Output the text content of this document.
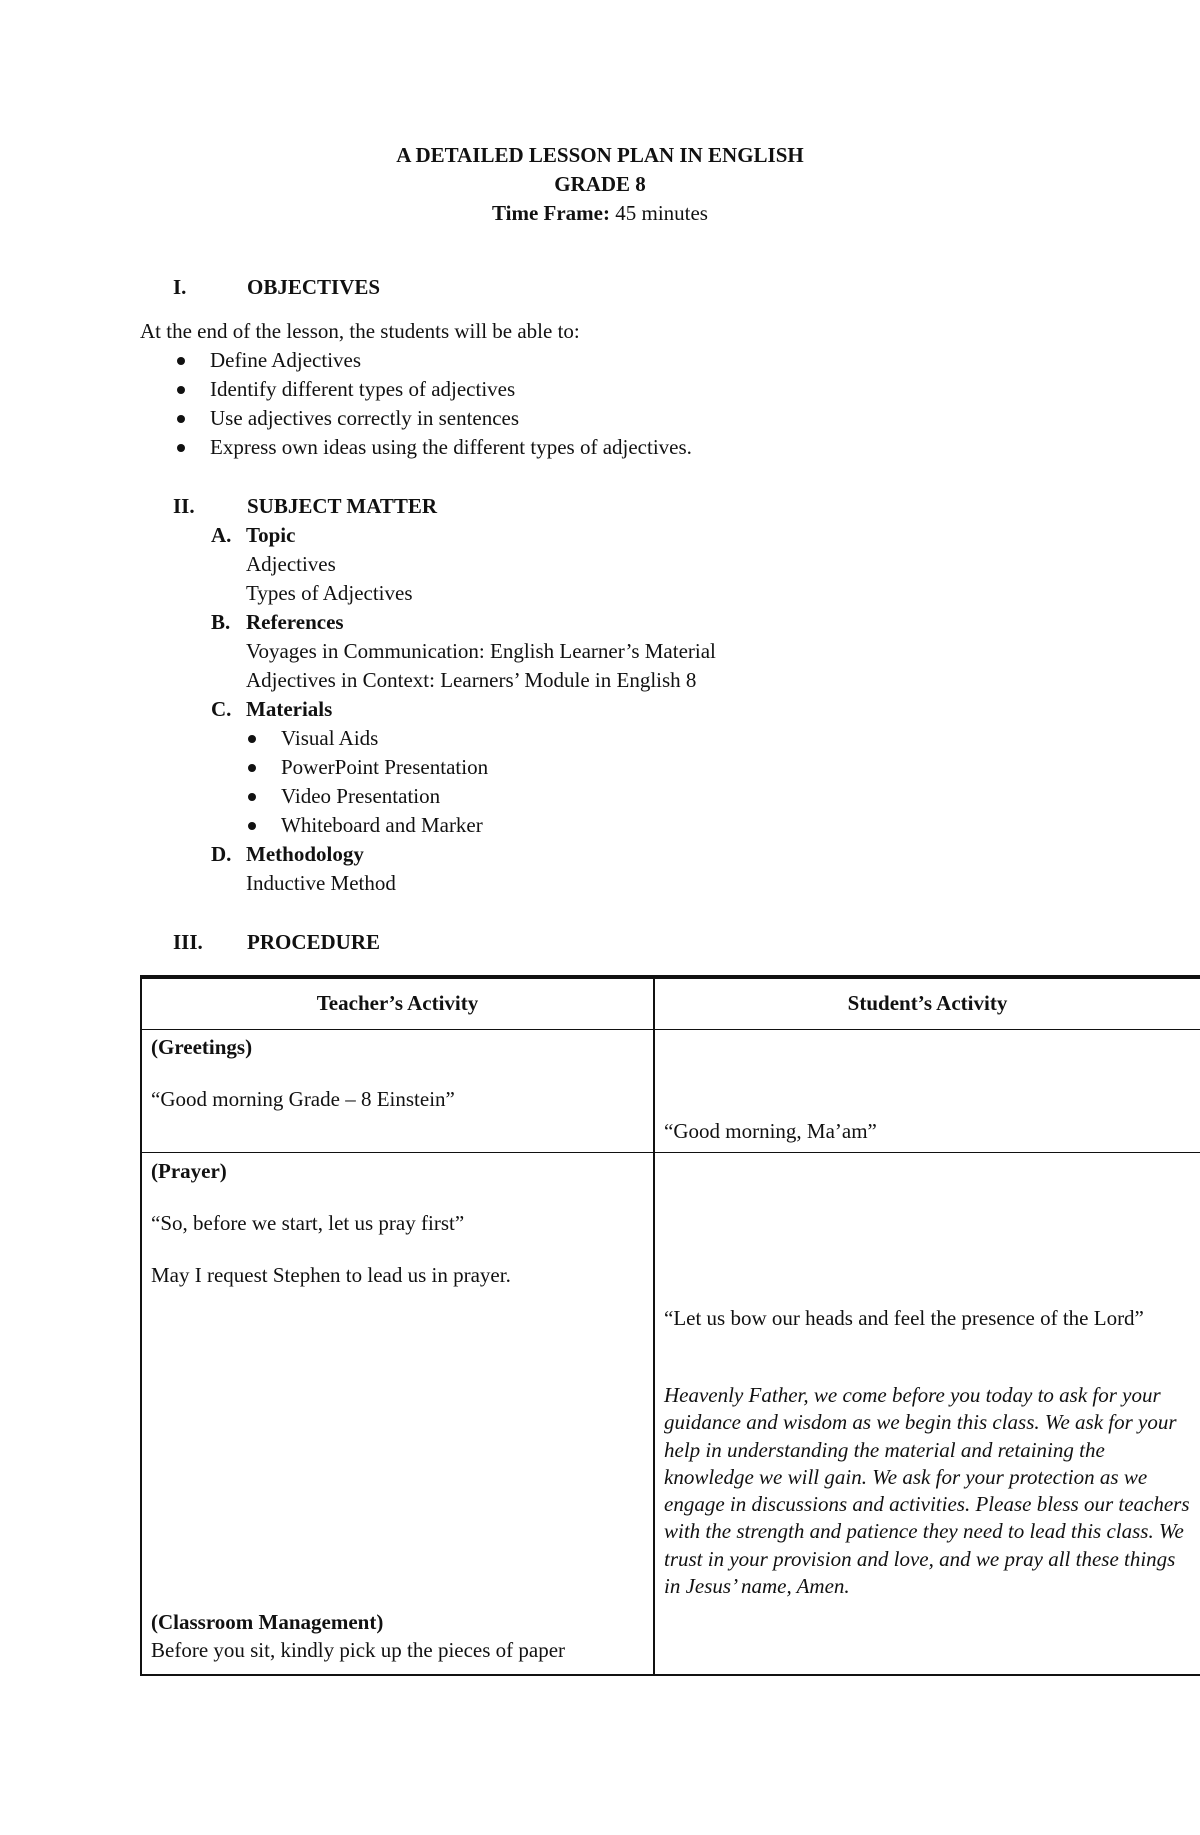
A DETAILED LESSON PLAN IN ENGLISH
GRADE 8
Time Frame: 45 minutes
I.	OBJECTIVES
At the end of the lesson, the students will be able to:
Define Adjectives
Identify different types of adjectives
Use adjectives correctly in sentences
Express own ideas using the different types of adjectives.
II. SUBJECT MATTER
A. Topic
Adjectives
Types of Adjectives
B. References
Voyages in Communication: English Learner’s Material
Adjectives in Context: Learners’ Module in English 8
C. Materials
Visual Aids
PowerPoint Presentation
Video Presentation
Whiteboard and Marker
D. Methodology
Inductive Method
III. PROCEDURE
Teacher’s Activity	Student’s Activity
(Greetings)
“Good morning Grade – 8 Einstein”
“Good morning, Ma’am”
(Prayer)
“So, before we start, let us pray first”
May I request Stephen to lead us in prayer.
“Let us bow our heads and feel the presence of the Lord”
Heavenly Father, we come before you today to ask for your guidance and wisdom as we begin this class. We ask for your help in understanding the material and retaining the knowledge we will gain. We ask for your protection as we engage in discussions and activities. Please bless our teachers with the strength and patience they need to lead this class. We trust in your provision and love, and we pray all these things in Jesus’ name, Amen.
(Classroom Management)
Before you sit, kindly pick up the pieces of paper
